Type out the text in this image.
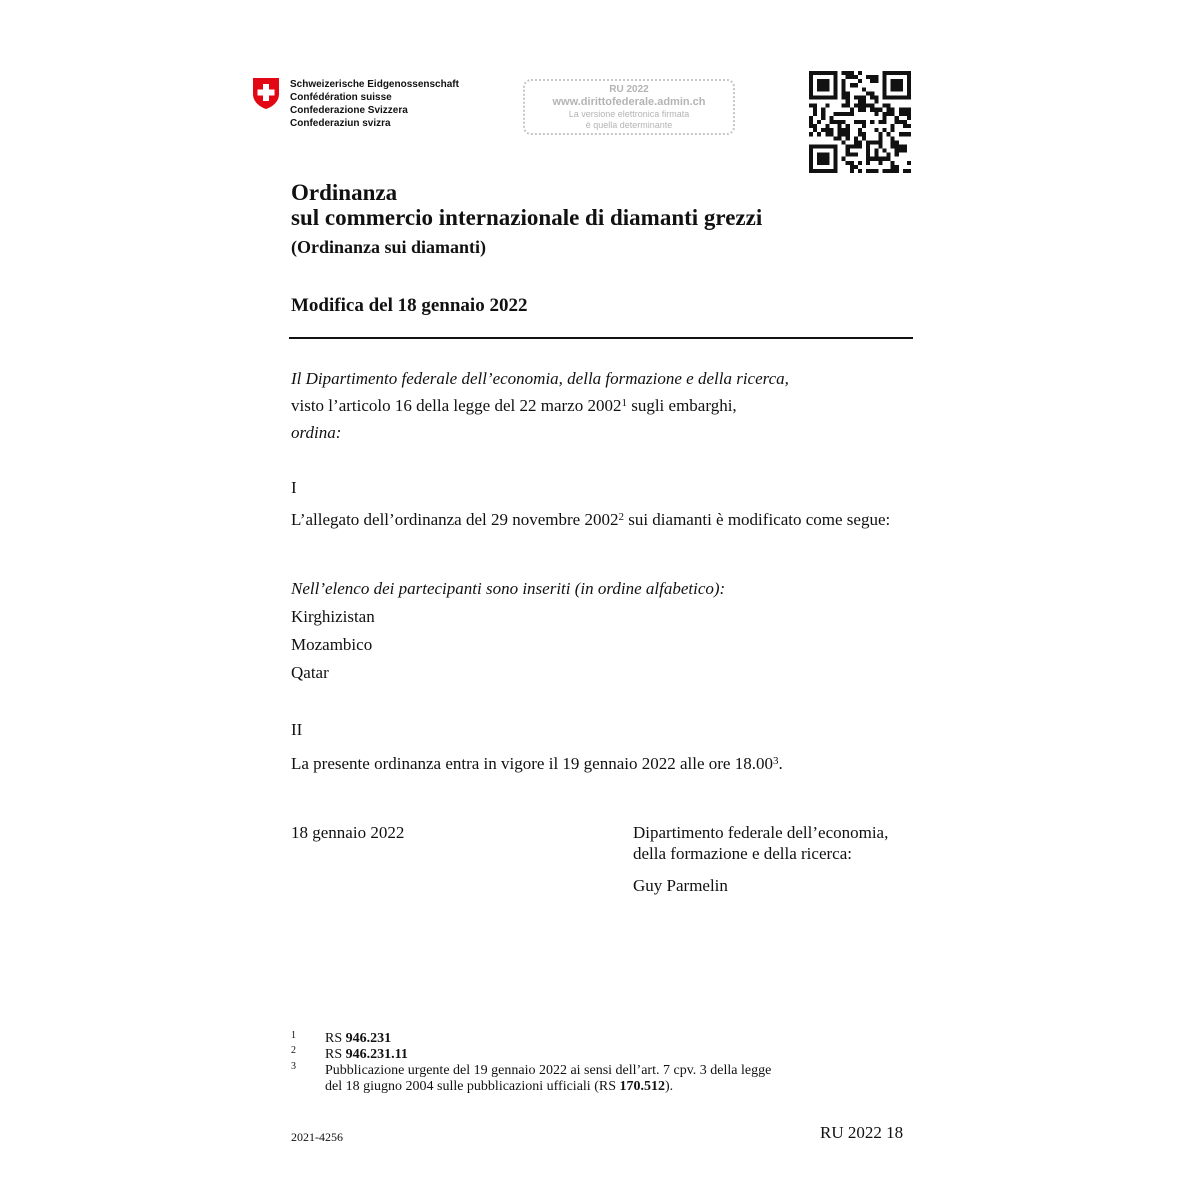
Schweizerische Eidgenossenschaft
Confédération suisse
Confederazione Svizzera
Confederaziun svizra
RU 2022
www.dirittofederale.admin.ch
La versione elettronica firmata
è quella determinante
Ordinanza
sul commercio internazionale di diamanti grezzi
(Ordinanza sui diamanti)
Modifica del 18 gennaio 2022
Il Dipartimento federale dell’economia, della formazione e della ricerca,
visto l’articolo 16 della legge del 22 marzo 2002$^1$ sugli embarghi,
ordina:
I
L’allegato dell’ordinanza del 29 novembre 2002$^2$ sui diamanti è modificato come segue:
Nell’elenco dei partecipanti sono inseriti (in ordine alfabetico):
Kirghizistan
Mozambico
Qatar
II
La presente ordinanza entra in vigore il 19 gennaio 2022 alle ore 18.00$^3$.
18 gennaio 2022	Dipartimento federale dell’economia,
della formazione e della ricerca:
Guy Parmelin
1 RS 946.231
2 RS 946.231.11
3 Pubblicazione urgente del 19 gennaio 2022 ai sensi dell’art. 7 cpv. 3 della legge
del 18 giugno 2004 sulle pubblicazioni ufficiali (RS 170.512).
2021-4256	RU 2022 18
